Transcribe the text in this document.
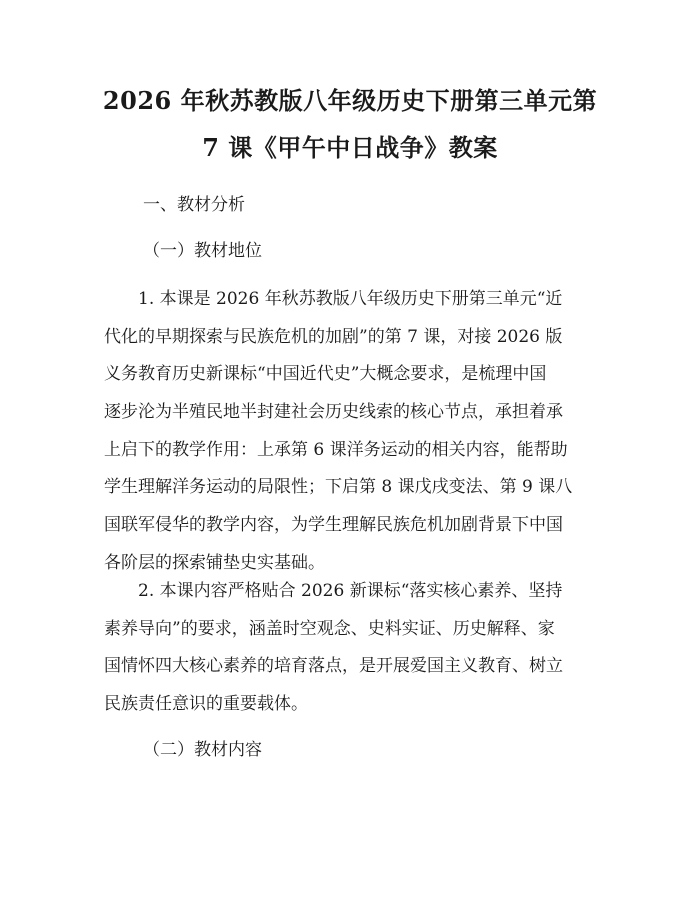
2026 年秋苏教版八年级历史下册第三单元第
7 课《甲午中日战争》教案
一、教材分析
（一）教材地位
1. 本课是 2026 年秋苏教版八年级历史下册第三单元“近
代化的早期探索与民族危机的加剧”的第 7 课，对接 2026 版
义务教育历史新课标“中国近代史”大概念要求，是梳理中国
逐步沦为半殖民地半封建社会历史线索的核心节点，承担着承
上启下的教学作用：上承第 6 课洋务运动的相关内容，能帮助
学生理解洋务运动的局限性；下启第 8 课戊戌变法、第 9 课八
国联军侵华的教学内容，为学生理解民族危机加剧背景下中国
各阶层的探索铺垫史实基础。
2. 本课内容严格贴合 2026 新课标“落实核心素养、坚持
素养导向”的要求，涵盖时空观念、史料实证、历史解释、家
国情怀四大核心素养的培育落点，是开展爱国主义教育、树立
民族责任意识的重要载体。
（二）教材内容
